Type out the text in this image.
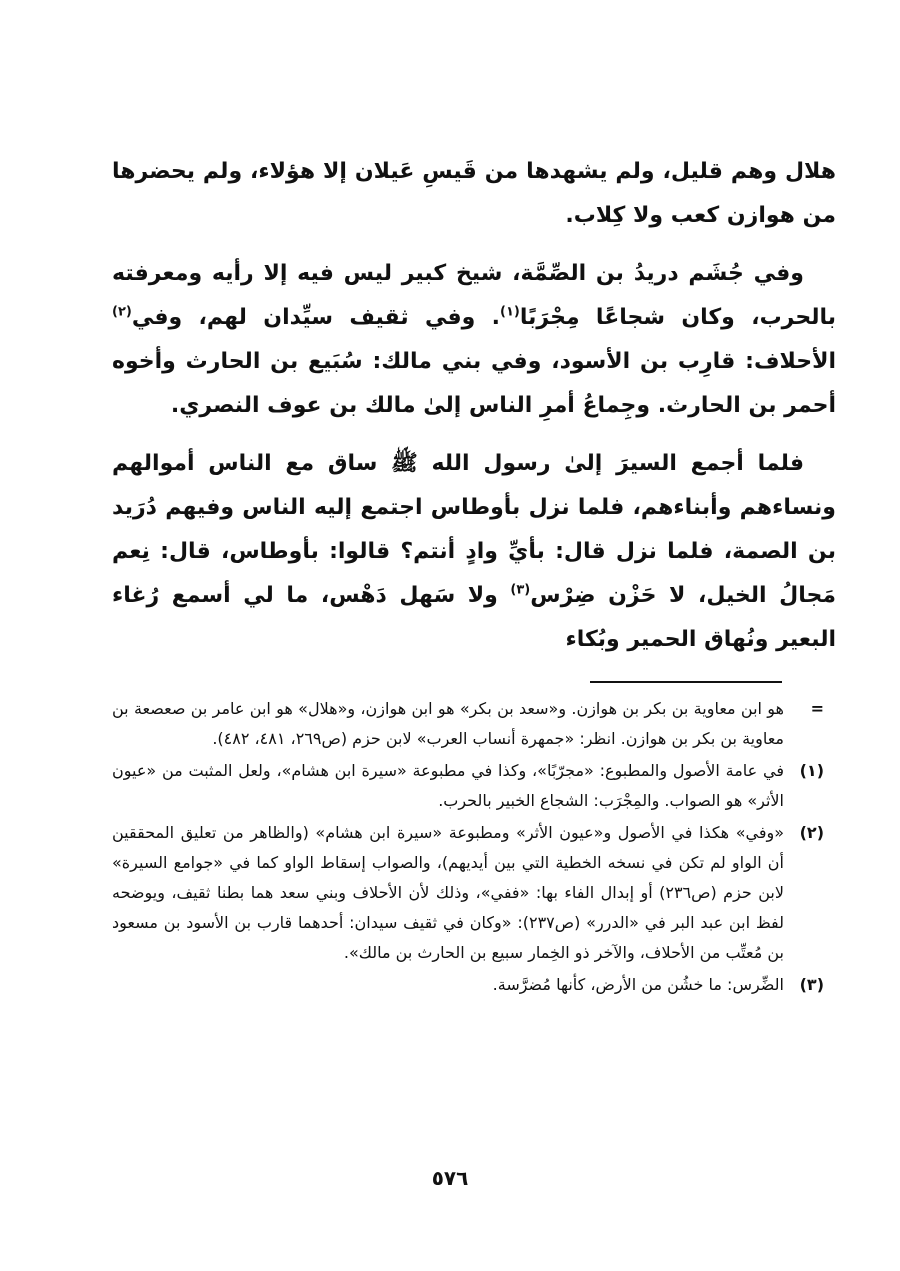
هلال وهم قليل، ولم يشهدها من قَيسِ عَيلان إلا هؤلاء، ولم يحضرها من هوازن كعب ولا كِلاب.

وفي جُشَم دريدُ بن الصِّمَّة، شيخ كبير ليس فيه إلا رأيه ومعرفته بالحرب، وكان شجاعًا مِجْرَبًا$^{(١)}$. وفي ثقيف سيِّدان لهم، وفي$^{(٢)}$ الأحلاف: قارِب بن الأسود، وفي بني مالك: سُبَيع بن الحارث وأخوه أحمر بن الحارث. وجِماعُ أمرِ الناس إلىٰ مالك بن عوف النصري.

فلما أجمع السيرَ إلىٰ رسول الله ﷺ ساق مع الناس أموالهم ونساءهم وأبناءهم، فلما نزل بأوطاس اجتمع إليه الناس وفيهم دُرَيد بن الصمة، فلما نزل قال: بأيِّ وادٍ أنتم؟ قالوا: بأوطاس، قال: نِعم مَجالُ الخيل، لا حَزْن ضِرْس$^{(٣)}$ ولا سَهل دَهْس، ما لي أسمع رُغاء البعير ونُهاق الحمير وبُكاء

=
هو ابن معاوية بن بكر بن هوازن. و«سعد بن بكر» هو ابن هوازن، و«هلال» هو ابن عامر بن صعصعة بن معاوية بن بكر بن هوازن. انظر: «جمهرة أنساب العرب» لابن حزم (ص٢٦٩، ٤٨١، ٤٨٢).
(١)
في عامة الأصول والمطبوع: «مجرّبًا»، وكذا في مطبوعة «سيرة ابن هشام»، ولعل المثبت من «عيون الأثر» هو الصواب. والمِجْرَب: الشجاع الخبير بالحرب.
(٢)
«وفي» هكذا في الأصول و«عيون الأثر» ومطبوعة «سيرة ابن هشام» (والظاهر من تعليق المحققين أن الواو لم تكن في نسخه الخطية التي بين أيديهم)، والصواب إسقاط الواو كما في «جوامع السيرة» لابن حزم (ص٢٣٦) أو إبدال الفاء بها: «ففي»، وذلك لأن الأحلاف وبني سعد هما بطنا ثقيف، ويوضحه لفظ ابن عبد البر في «الدرر» (ص٢٣٧): «وكان في ثقيف سيدان: أحدهما قارب بن الأسود بن مسعود بن مُعتِّب من الأحلاف، والآخر ذو الخِمار سبيع بن الحارث بن مالك».
(٣)
الضِّرس: ما خشُن من الأرض، كأنها مُضرَّسة.
٥٧٦
